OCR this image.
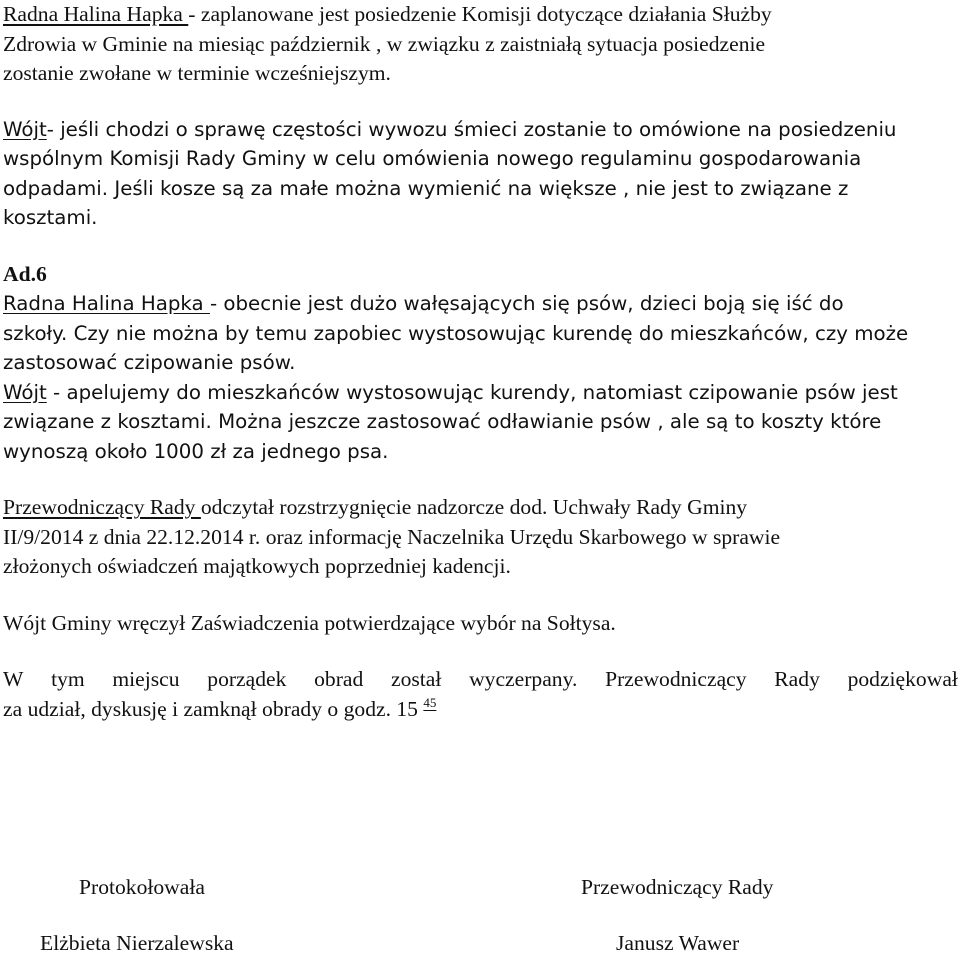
Radna Halina Hapka - zaplanowane jest posiedzenie Komisji dotyczące działania Służby

Zdrowia w Gminie na miesiąc październik , w związku z zaistniałą sytuacja posiedzenie

zostanie zwołane w terminie wcześniejszym.

Wójt- jeśli chodzi o sprawę częstości wywozu śmieci zostanie to omówione na posiedzeniu

wspólnym Komisji Rady Gminy w celu omówienia nowego regulaminu gospodarowania

odpadami. Jeśli kosze są za małe można wymienić na większe , nie jest to związane z

kosztami.

Ad.6

Radna Halina Hapka - obecnie jest dużo wałęsających się psów, dzieci boją się iść do

szkoły. Czy nie można by temu zapobiec wystosowując kurendę do mieszkańców, czy może

zastosować czipowanie psów.

Wójt - apelujemy do mieszkańców wystosowując kurendy, natomiast czipowanie psów jest

związane z kosztami. Można jeszcze zastosować odławianie psów , ale są to koszty które

wynoszą około 1000 zł za jednego psa.

Przewodniczący Rady odczytał rozstrzygnięcie nadzorcze dod. Uchwały Rady Gminy

II/9/2014 z dnia 22.12.2014 r. oraz informację Naczelnika Urzędu Skarbowego w sprawie

złożonych oświadczeń majątkowych poprzedniej kadencji.

Wójt Gminy wręczył Zaświadczenia potwierdzające wybór na Sołtysa.

W tym miejscu porządek obrad został wyczerpany. Przewodniczący Rady podziękował

za udział, dyskusję i zamknął obrady o godz. 15 $^{45}$

Protokołowała	Przewodniczący Rady
Elżbieta Nierzalewska	Janusz Wawer
